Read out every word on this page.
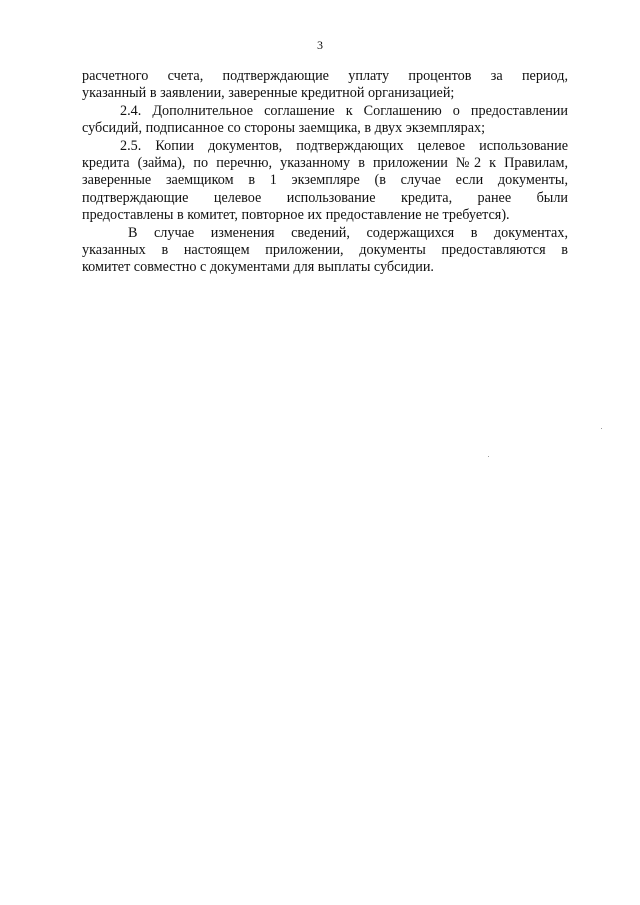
3
расчетного счета, подтверждающие уплату процентов за период,
указанный в заявлении, заверенные кредитной организацией;
2.4. Дополнительное соглашение к Соглашению о предоставлении
субсидий, подписанное со стороны заемщика, в двух экземплярах;
2.5. Копии документов, подтверждающих целевое использование
кредита (займа), по перечню, указанному в приложении №2 к Правилам,
заверенные заемщиком в 1 экземпляре (в случае если документы,
подтверждающие целевое использование кредита, ранее были
предоставлены в комитет, повторное их предоставление не требуется).
В случае изменения сведений, содержащихся в документах,
указанных в настоящем приложении, документы предоставляются в
комитет совместно с документами для выплаты субсидии.
